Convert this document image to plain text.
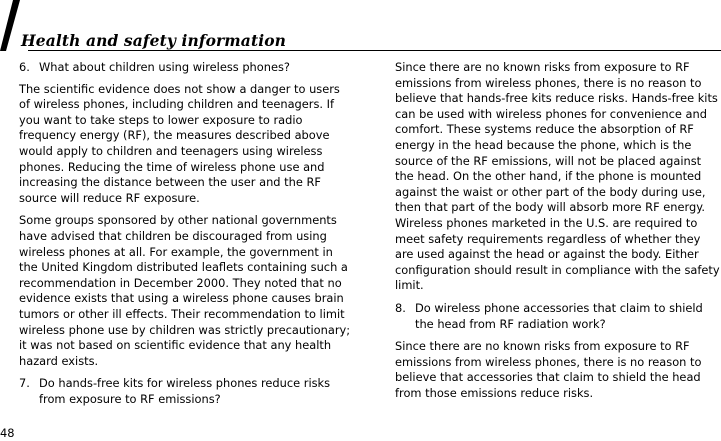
Health and safety information
6. What about children using wireless phones?

The scientific evidence does not show a danger to users of wireless phones, including children and teenagers. If you want to take steps to lower exposure to radio frequency energy (RF), the measures described above would apply to children and teenagers using wireless phones. Reducing the time of wireless phone use and increasing the distance between the user and the RF source will reduce RF exposure.

Some groups sponsored by other national governments have advised that children be discouraged from using wireless phones at all. For example, the government in the United Kingdom distributed leaflets containing such a recommendation in December 2000. They noted that no evidence exists that using a wireless phone causes brain tumors or other ill effects. Their recommendation to limit wireless phone use by children was strictly precautionary; it was not based on scientific evidence that any health hazard exists.

7. Do hands-free kits for wireless phones reduce risks from exposure to RF emissions?

Since there are no known risks from exposure to RF emissions from wireless phones, there is no reason to believe that hands-free kits reduce risks. Hands-free kits can be used with wireless phones for convenience and comfort. These systems reduce the absorption of RF energy in the head because the phone, which is the source of the RF emissions, will not be placed against the head. On the other hand, if the phone is mounted against the waist or other part of the body during use, then that part of the body will absorb more RF energy. Wireless phones marketed in the U.S. are required to meet safety requirements regardless of whether they are used against the head or against the body. Either configuration should result in compliance with the safety limit.

8. Do wireless phone accessories that claim to shield the head from RF radiation work?

Since there are no known risks from exposure to RF emissions from wireless phones, there is no reason to believe that accessories that claim to shield the head from those emissions reduce risks.

48
